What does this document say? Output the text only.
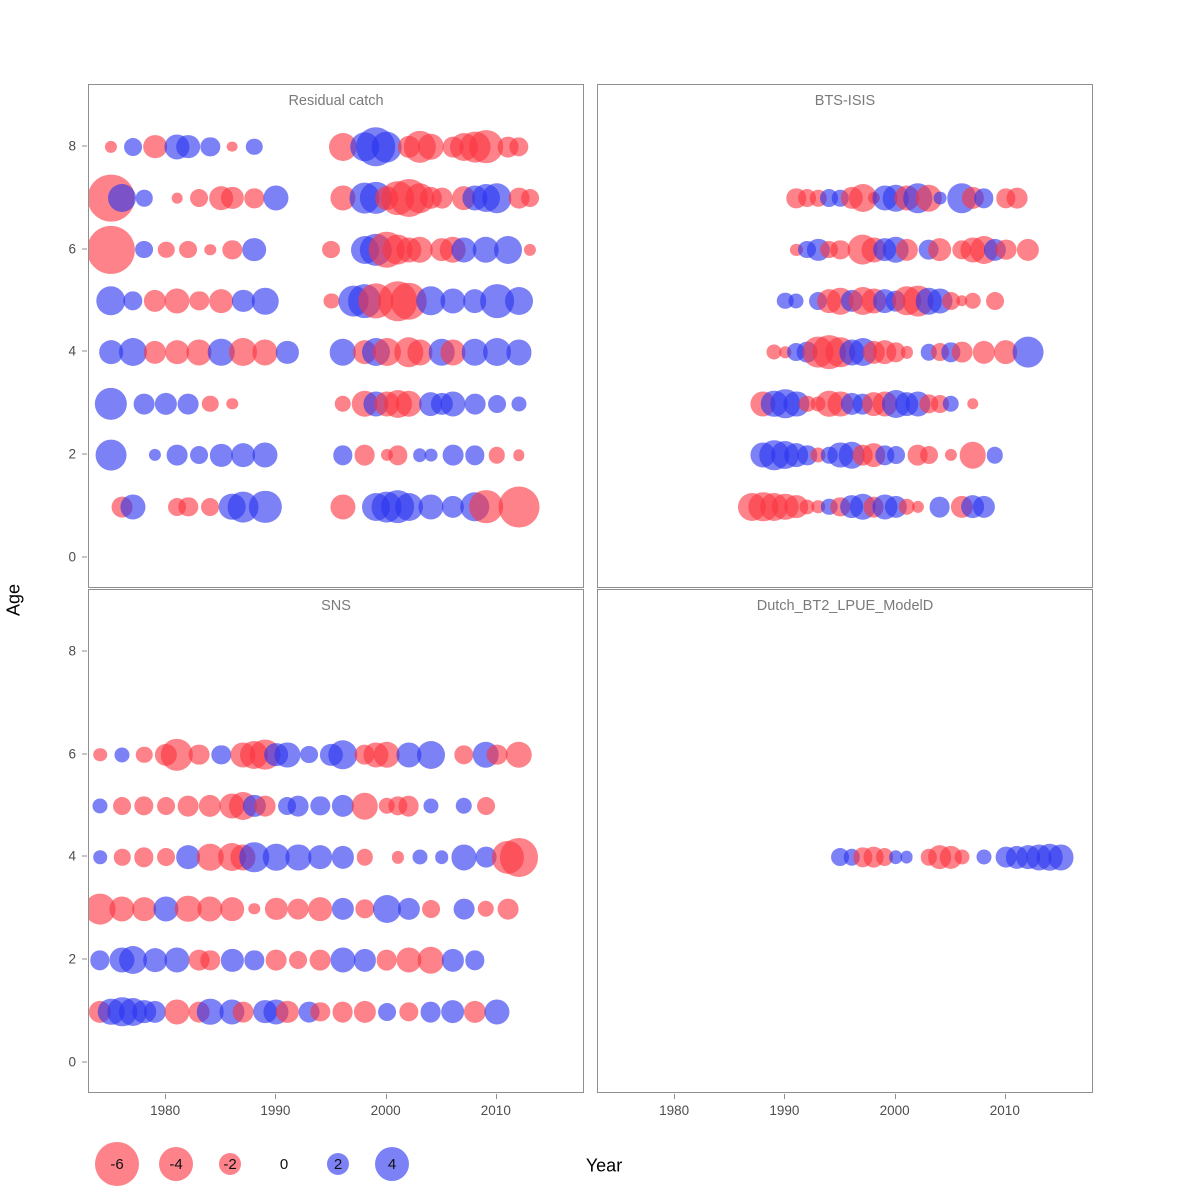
Age
Year
Residual catch	BTS-ISIS
SNS	Dutch_BT2_LPUE_ModelD
0
2
4
6
8
0
2
4
6
8
1980	1990	2000	2010	1980	1990	2000	2010
-6	-4	-2	0	2	4
